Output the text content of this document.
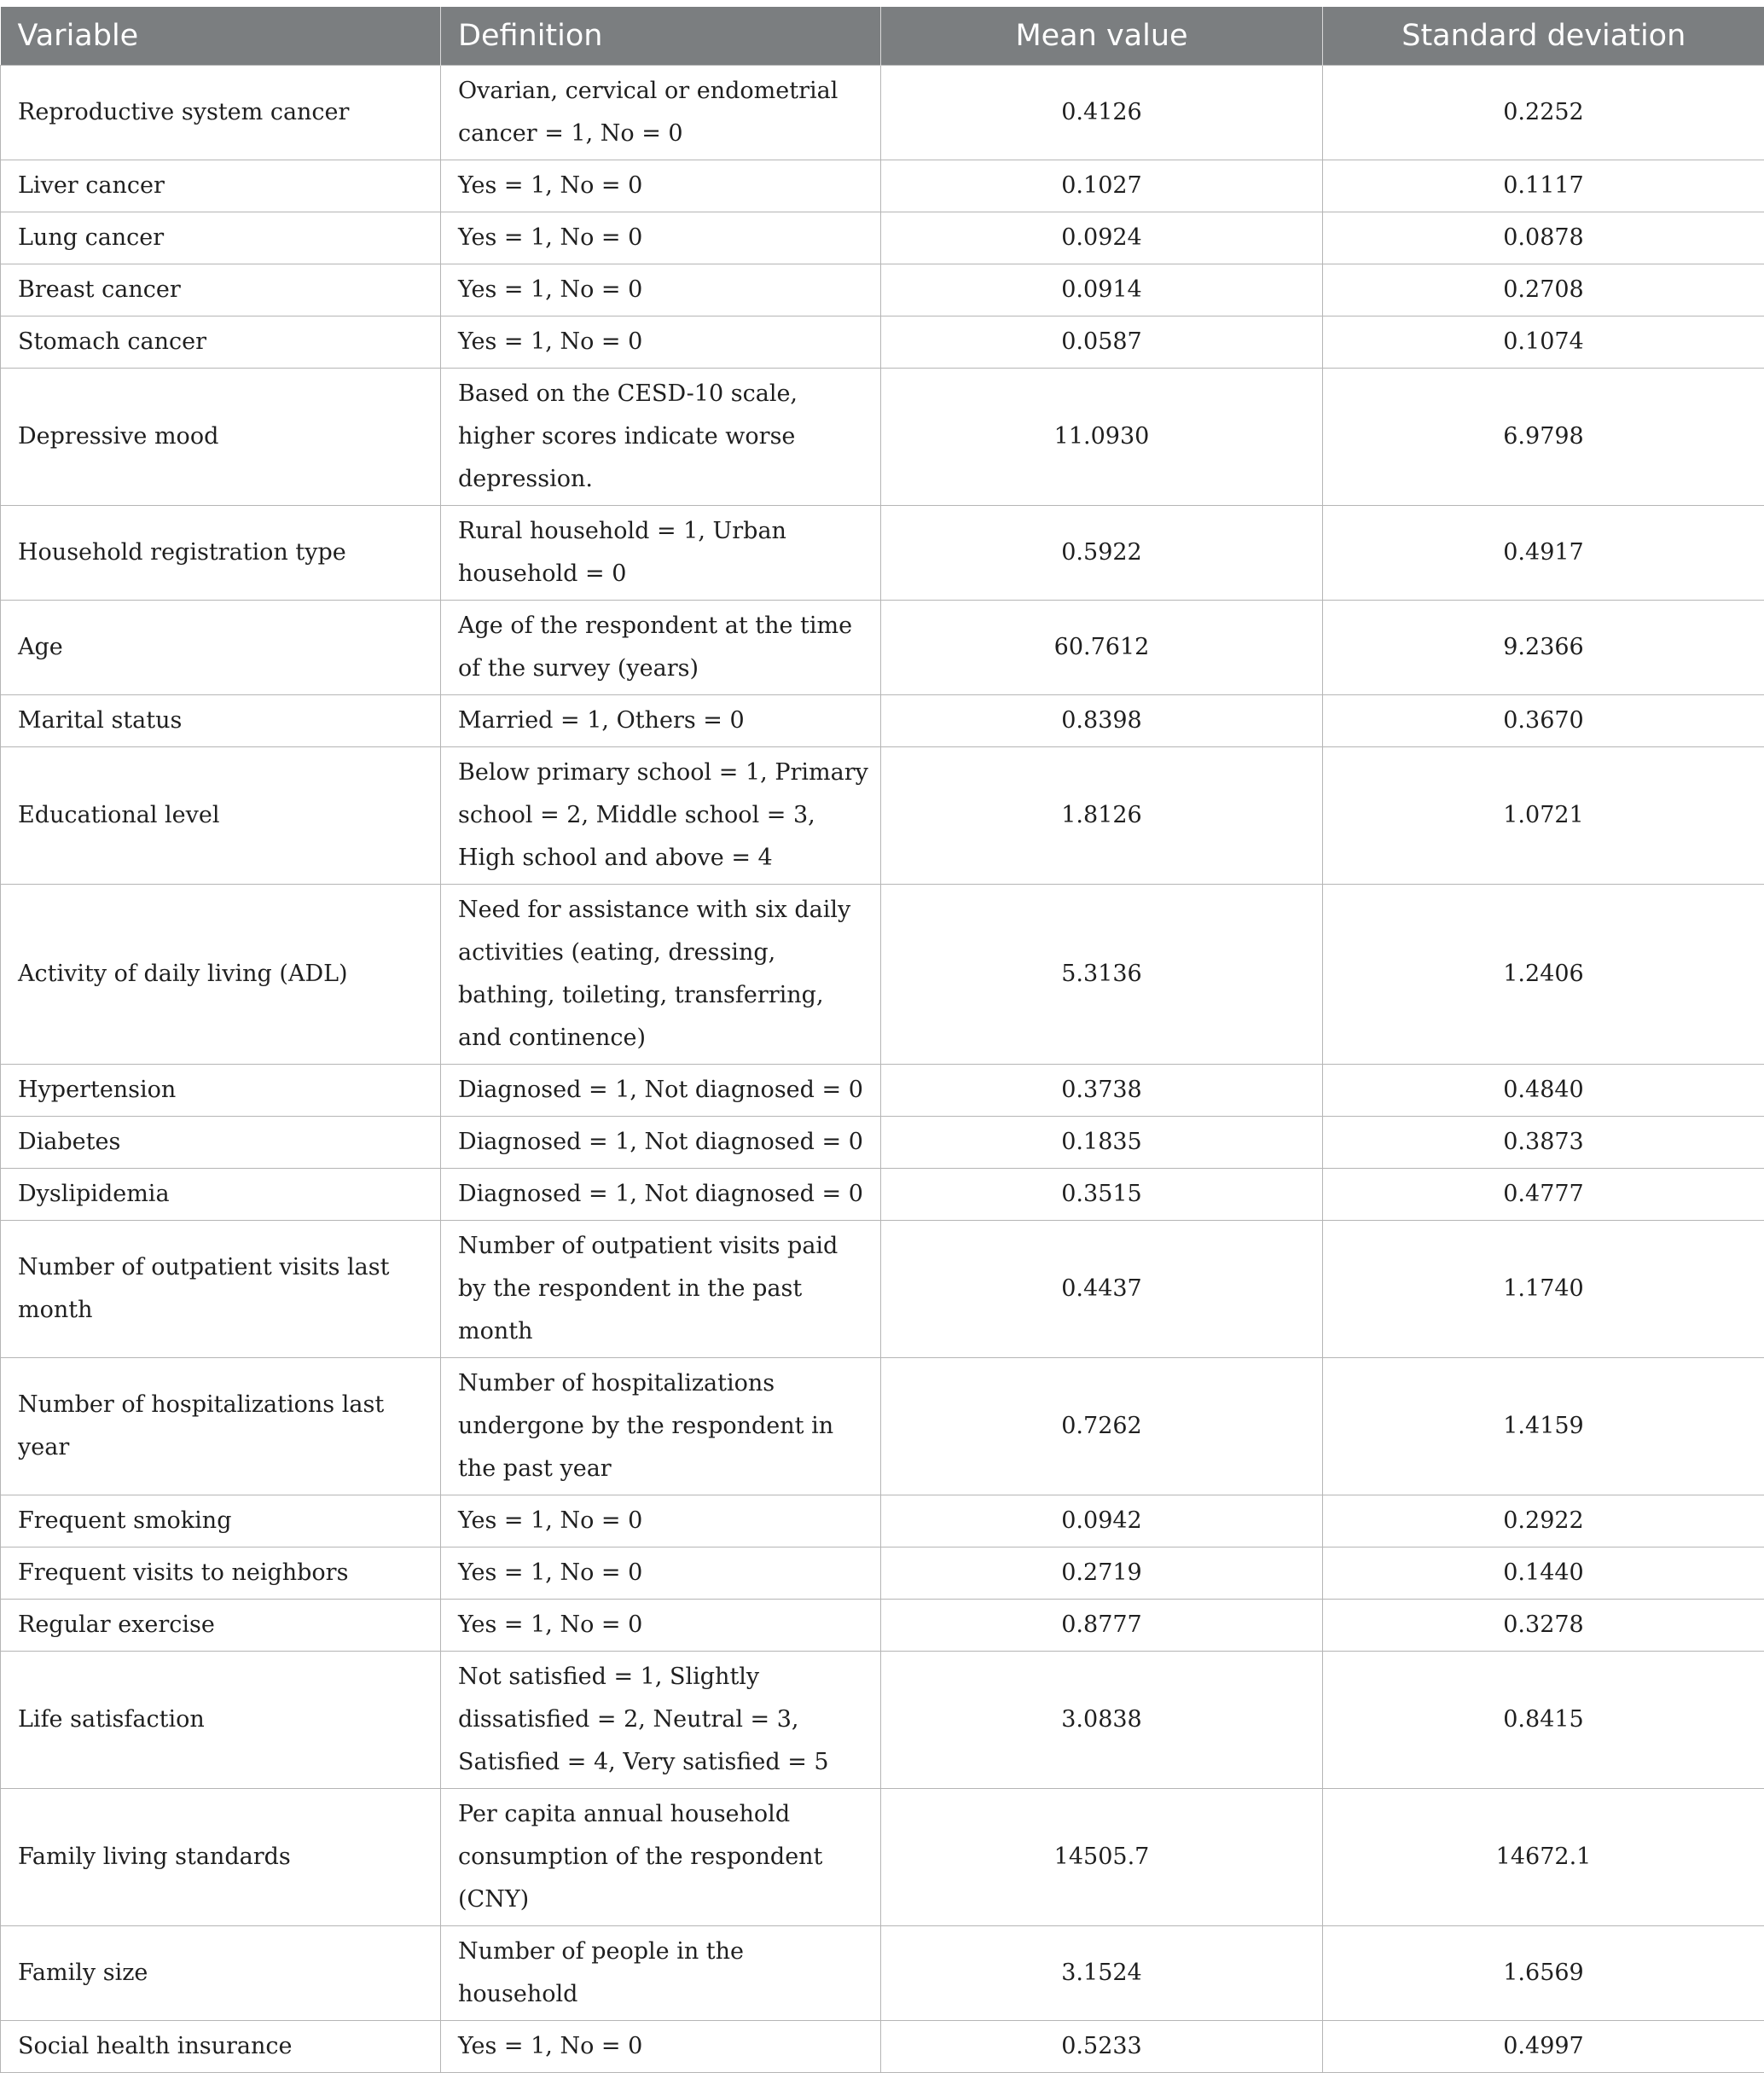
Variable	Definition	Mean value	Standard deviation
Reproductive system cancer	Ovarian, cervical or endometrial cancer = 1, No = 0	0.4126	0.2252
Liver cancer	Yes = 1, No = 0	0.1027	0.1117
Lung cancer	Yes = 1, No = 0	0.0924	0.0878
Breast cancer	Yes = 1, No = 0	0.0914	0.2708
Stomach cancer	Yes = 1, No = 0	0.0587	0.1074
Depressive mood	Based on the CESD-10 scale, higher scores indicate worse depression.	11.0930	6.9798
Household registration type	Rural household = 1, Urban household = 0	0.5922	0.4917
Age	Age of the respondent at the time of the survey (years)	60.7612	9.2366
Marital status	Married = 1, Others = 0	0.8398	0.3670
Educational level	Below primary school = 1, Primary school = 2, Middle school = 3, High school and above = 4	1.8126	1.0721
Activity of daily living (ADL)	Need for assistance with six daily activities (eating, dressing, bathing, toileting, transferring, and continence)	5.3136	1.2406
Hypertension	Diagnosed = 1, Not diagnosed = 0	0.3738	0.4840
Diabetes	Diagnosed = 1, Not diagnosed = 0	0.1835	0.3873
Dyslipidemia	Diagnosed = 1, Not diagnosed = 0	0.3515	0.4777
Number of outpatient visits last month	Number of outpatient visits paid by the respondent in the past month	0.4437	1.1740
Number of hospitalizations last year	Number of hospitalizations undergone by the respondent in the past year	0.7262	1.4159
Frequent smoking	Yes = 1, No = 0	0.0942	0.2922
Frequent visits to neighbors	Yes = 1, No = 0	0.2719	0.1440
Regular exercise	Yes = 1, No = 0	0.8777	0.3278
Life satisfaction	Not satisfied = 1, Slightly dissatisfied = 2, Neutral = 3, Satisfied = 4, Very satisfied = 5	3.0838	0.8415
Family living standards	Per capita annual household consumption of the respondent (CNY)	14505.7	14672.1
Family size	Number of people in the household	3.1524	1.6569
Social health insurance	Yes = 1, No = 0	0.5233	0.4997
